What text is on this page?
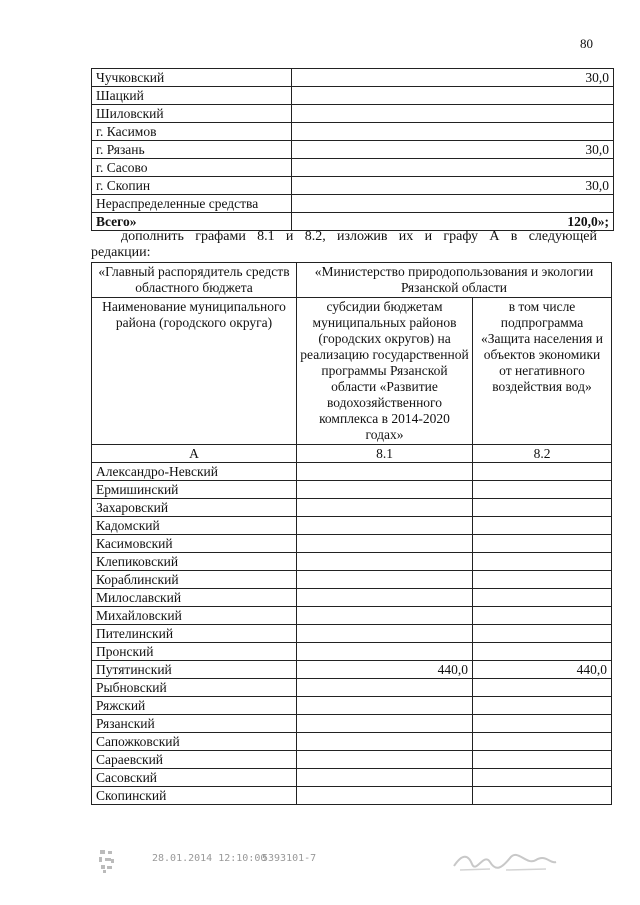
80
Чучковский	30,0
Шацкий	
Шиловский	
г. Касимов	
г. Рязань	30,0
г. Сасово	
г. Скопин	30,0
Нераспределенные средства	
Всего»	120,0»;
дополнить графами 8.1 и 8.2, изложив их и графу А в следующей
редакции:
«Главный распорядитель средств областного бюджета	«Министерство природопользования и экологии Рязанской области	
Наименование муниципального района (городского округа)	субсидии бюджетам муниципальных районов (городских округов) на реализацию государственной программы Рязанской области «Развитие водохозяйственного комплекса в 2014-2020 годах»	в том числе подпрограмма «Защита населения и объектов экономики от негативного воздействия вод»
А	8.1	8.2
Александро-Невский		
Ермишинский		
Захаровский		
Кадомский		
Касимовский		
Клепиковский		
Кораблинский		
Милославский		
Михайловский		
Пителинский		
Пронский		
Путятинский	440,0	440,0
Рыбновский		
Ряжский		
Рязанский		
Сапожковский		
Сараевский		
Сасовский		
Скопинский		
28.01.2014 12:10:00
5393101-7
